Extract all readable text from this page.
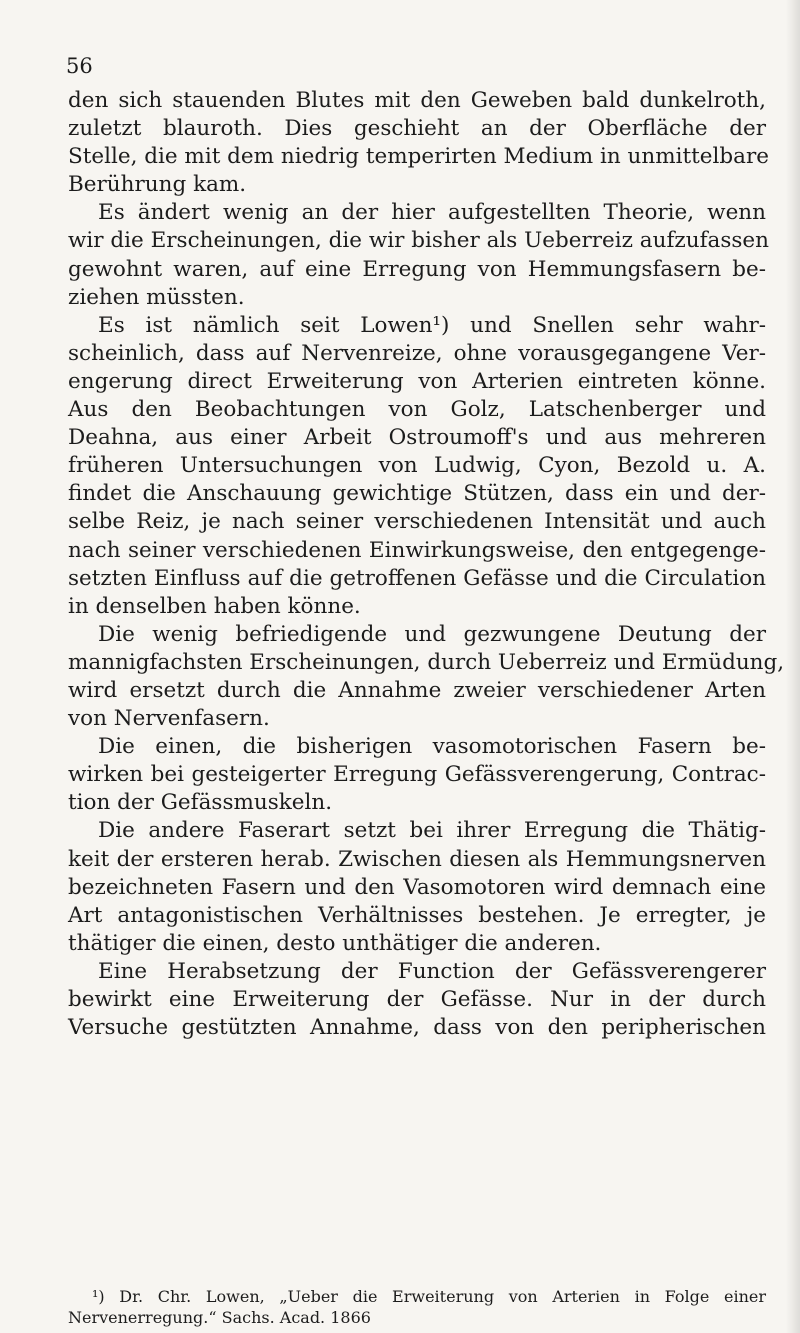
56
den sich stauenden Blutes mit den Geweben bald dunkelroth,
zuletzt blauroth. Dies geschieht an der Oberfläche der
Stelle, die mit dem niedrig temperirten Medium in unmittelbare
Berührung kam.
Es ändert wenig an der hier aufgestellten Theorie, wenn
wir die Erscheinungen, die wir bisher als Ueberreiz aufzufassen
gewohnt waren, auf eine Erregung von Hemmungsfasern be-
ziehen müssten.
Es ist nämlich seit Lowen¹) und Snellen sehr wahr-
scheinlich, dass auf Nervenreize, ohne vorausgegangene Ver-
engerung direct Erweiterung von Arterien eintreten könne.
Aus den Beobachtungen von Golz, Latschenberger und
Deahna, aus einer Arbeit Ostroumoff's und aus mehreren
früheren Untersuchungen von Ludwig, Cyon, Bezold u. A.
findet die Anschauung gewichtige Stützen, dass ein und der-
selbe Reiz, je nach seiner verschiedenen Intensität und auch
nach seiner verschiedenen Einwirkungsweise, den entgegenge-
setzten Einfluss auf die getroffenen Gefässe und die Circulation
in denselben haben könne.
Die wenig befriedigende und gezwungene Deutung der
mannigfachsten Erscheinungen, durch Ueberreiz und Ermüdung,
wird ersetzt durch die Annahme zweier verschiedener Arten
von Nervenfasern.
Die einen, die bisherigen vasomotorischen Fasern be-
wirken bei gesteigerter Erregung Gefässverengerung, Contrac-
tion der Gefässmuskeln.
Die andere Faserart setzt bei ihrer Erregung die Thätig-
keit der ersteren herab. Zwischen diesen als Hemmungsnerven
bezeichneten Fasern und den Vasomotoren wird demnach eine
Art antagonistischen Verhältnisses bestehen. Je erregter, je
thätiger die einen, desto unthätiger die anderen.
Eine Herabsetzung der Function der Gefässverengerer
bewirkt eine Erweiterung der Gefässe. Nur in der durch
Versuche gestützten Annahme, dass von den peripherischen
¹) Dr. Chr. Lowen, „Ueber die Erweiterung von Arterien in Folge einer
Nervenerregung.“ Sachs. Acad. 1866
